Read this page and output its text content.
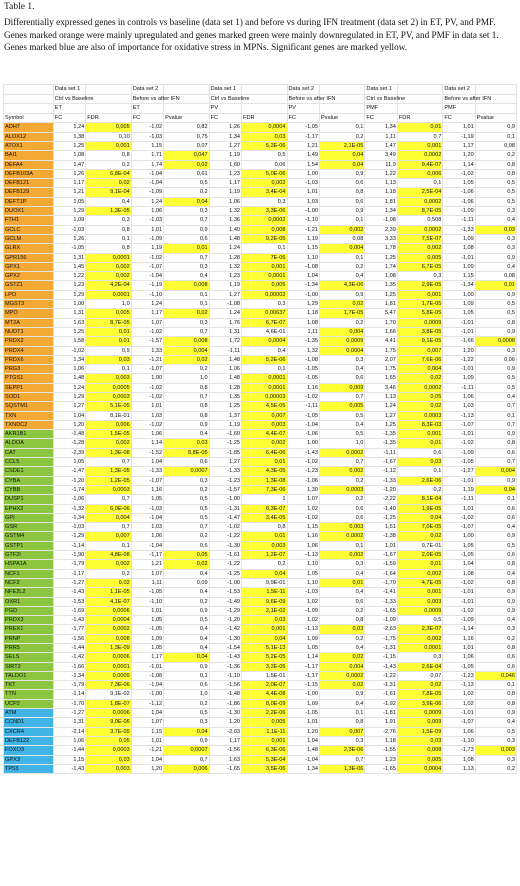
Table 1.
Differentially expressed genes in controls vs baseline (data set 1) and before vs during IFN treatment (data set 2) in ET, PV, and PMF. Genes marked orange were mainly upregulated and genes marked green were mainly downregulated in ET, PV, and PMF in data set 1. Genes marked blue are also of importance for oxidative stress in MPNs. Significant genes are marked yellow.
	Data set 1		Data set 2		Data set 1		Data set 2		Data set 1		Data set 2	
	Ctrl vs Baseline		Before vs after IFN		Ctrl vs Baseline		Before vs after IFN		Ctrl vs Baseline		Before vs after IFN	
	ET		ET		PV		PV		PMF		PMF	
Symbol	FC	FDR	FC	Pvalue	FC	FDR	FC	Pvalue	FC	FDR	FC	Pvalue
ADH7	1,24	0,005	-1,02	0,82	1,26	0,0004	-1,05	0,1	1,34	0,01	1,01	0,9
ALOX12	1,38	0,10	-1,03	0,75	1,34	0,03	-1,17	0,2	1,11	0,7	-1,19	0,1
ATOX1	1,25	0,001	1,15	0,07	1,27	5,2E-06	1,21	2,1E-05	1,47	0,001	1,17	0,08
BAI1	1,08	0,8	1,71	0,047	1,19	0,5	1,49	0,04	3,49	0,0002	1,20	0,2
DEFA4	1,47	0,2	1,74	0,02	1,60	0,06	1,54	0,04	11,9	9,4E-07	1,14	0,8
DEFB103A	1,26	6,8E-04	-1,04	0,61	1,23	5,0E-06	1,00	0,9	1,22	0,006	-1,02	0,8
DEFB121	1,17	0,02	-1,04	0,5	1,17	0,002	-1,03	0,6	1,13	0,1	1,05	0,5
DEFB129	1,21	9,1E-04	-1,09	0,2	1,19	3,4E-04	1,01	0,8	1,18	2,5E-04	-1,06	0,5
DEFT1P	1,05	0,4	1,24	0,04	1,06	0,3	1,03	0,6	1,81	0,0002	-1,06	0,5
DUOX1	1,29	1,3E-05	1,06	0,3	1,32	3,3E-06	-1,00	0,9	1,34	8,7E-05	-1,09	0,3
FTH1	1,09	0,3	-1,03	0,7	1,36	0,0002	-1,10	0,1	-1,08	0,508	-1,11	0,4
GCLC	-1,03	0,8	1,01	0,9	1,40	0,008	-1,21	0,002	2,39	0,0002	-1,33	0,03
GCLM	1,26	0,1	-1,09	0,6	1,48	9,2E-05	1,19	0,08	3,33	7,5E-07	1,09	0,3
GLRX	-1,05	0,8	1,19	0,01	1,24	0,1	1,15	0,004	1,78	0,002	1,08	0,3
GPR156	1,31	0,0001	-1,02	0,7	1,28	7E-06	1,10	0,1	1,25	0,005	-1,01	0,9
GPX1	1,45	0,002	-1,07	0,3	1,32	0,001	-1,08	0,2	1,74	6,7E-05	1,09	0,4
GPX2	1,22	0,002	-1,04	0,4	1,23	0,0001	1,04	0,4	1,08	0,3	1,15	0,08
GSTZ1	1,23	4,2E-04	-1,19	0,008	1,19	0,005	-1,34	4,3E-06	1,35	2,9E-05	-1,34	0,01
LPO	1,29	0,0001	-1,10	0,1	1,27	0,00002	-1,00	0,9	1,25	0,001	1,00	0,9
MGST3	1,00	1,0	1,24	0,1	-1,08	0,3	1,29	0,02	1,81	1,7E-05	1,09	0,5
MPO	1,31	0,005	1,17	0,02	1,24	0,00637	1,18	1,7E-05	5,47	5,8E-05	1,05	0,5
MT2A	1,63	8,7E-05	1,07	0,3	1,76	6,7E-07	1,08	0,2	1,70	0,0009	-1,01	0,8
NUDT1	1,25	0,01	-1,02	0,7	1,31	4,6E-01	1,11	0,004	1,66	3,8E-05	-1,01	0,9
PRDX2	1,58	0,01	-1,57	0,008	1,72	0,0004	-1,35	0,0009	4,41	9,1E-05	-1,66	0,0008
PRDX4	-1,02	0,9	1,33	0,004	-1,11	0,4	1,32	0,0004	1,75	0,007	1,20	0,3
PRDX6	1,34	0,03	-1,21	0,02	1,48	5,2E-06	-1,08	0,3	2,07	7,6E-06	-1,22	0,06
PRG3	1,06	0,1	-1,07	0,2	1,06	0,1	-1,05	0,4	1,75	0,004	-1,01	0,9
PTGS1	1,48	0,003	1,00	1,0	1,48	0,0001	-1,05	0,6	1,65	0,02	1,09	0,5
SEPP1	1,24	0,0005	-1,02	0,8	1,28	0,0001	1,16	0,009	3,46	0,0002	-1,11	0,5
SOD1	1,29	0,0003	-1,02	0,7	1,35	0,00003	-1,02	0,7	1,13	0,05	1,06	0,4
SQSTM1	1,27	5,1E-05	1,01	0,8	1,25	4,5E-05	-1,11	0,005	1,24	0,02	1,03	0,7
TXN	1,04	8,1E-01	1,03	0,8	1,37	0,007	-1,05	0,5	1,27	0,0003	-1,13	0,1
TXNDC2	1,20	0,006	-1,02	0,9	1,19	0,003	-1,04	0,4	1,25	8,3E-03	-1,07	0,7
AKR1B1	-1,48	1,5E-05	1,06	0,4	-1,60	4,4E-07	-1,06	0,5	-1,35	0,001	-1,01	0,9
ALDOA	-1,28	0,002	1,14	0,03	-1,25	0,002	1,00	1,0	-1,35	0,01	-1,02	0,8
CAT	-2,39	1,3E-08	-1,52	8,8E-05	-1,85	6,4E-06	-1,43	0,0002	-1,11	0,6	-1,09	0,6
CCL5	1,05	0,7	1,04	0,6	1,27	0,01	-1,02	0,7	-1,67	0,03	-1,05	0,7
CSDE1	-1,47	1,3E-05	-1,33	0,0007	-1,33	4,3E-05	-1,23	0,002	-1,12	0,1	-1,27	0,004
CYBA	-1,20	1,2E-05	-1,07	0,3	-1,23	1,3E-08	-1,06	0,2	-1,33	2,6E-06	-1,01	0,9
CYBB	-1,74	0,0003	1,16	0,2	-1,57	7,3E-06	1,30	0,0003	-1,20	0,2	1,19	0,04
DUSP1	-1,06	0,7	1,05	0,5	-1,00	1	1,07	0,2	-2,22	8,1E-04	-1,11	0,1
EPHX2	-1,32	6,0E-06	-1,03	0,5	-1,31	8,3E-07	1,02	0,6	-1,40	1,9E-05	1,01	0,6
GPI	-1,34	0,004	-1,04	0,5	-1,47	3,4E-05	-1,02	0,6	-1,25	0,04	-1,02	0,6
GSR	-1,03	0,7	1,03	0,7	-1,02	0,8	1,15	0,003	1,51	7,0E-05	-1,07	0,4
GSTM4	-1,29	0,007	1,06	0,2	-1,22	0,01	1,16	0,0002	-1,38	0,02	1,00	0,9
GSTP1	-1,14	0,1	-1,04	0,6	-1,30	0,003	1,06	0,1	1,01	9,7E-01	1,05	0,5
GTF2I	-1,90	4,8E-08	-1,17	0,05	-1,61	1,2E-07	-1,13	0,002	-1,67	2,0E-05	-1,05	0,6
HSPA1A	-1,79	0,002	1,21	0,02	-1,22	0,2	1,10	0,3	-1,59	0,01	1,04	0,8
NCF1	-1,17	0,2	1,07	0,4	-1,25	0,04	1,05	0,4	-1,64	0,002	1,08	0,4
NCF2	-1,27	0,02	1,11	0,09	-1,00	9,9E-01	1,10	0,01	-1,70	4,7E-05	-1,02	0,8
NFE2L2	-1,43	1,1E-05	-1,05	0,4	-1,53	1,5E-11	-1,03	0,4	-1,41	0,001	-1,01	0,9
OXR1	-1,53	4,1E-07	-1,10	0,2	-1,49	9,6E-09	1,02	0,6	-1,33	0,003	-1,01	0,9
PGD	-1,69	0,0006	1,01	0,9	-1,29	2,1E-02	-1,09	0,2	-1,65	0,0009	-1,02	0,9
PRDX3	-1,43	0,0004	1,05	0,5	-1,20	0,03	1,02	0,8	-1,09	0,5	-1,09	0,4
PREX1	-1,77	0,0002	-1,05	0,4	-1,42	0,001	-1,13	0,03	-2,63	2,3E-07	-1,14	0,3
PRNP	-1,56	0,008	1,09	0,4	-1,30	0,04	1,09	0,2	-1,75	0,002	1,16	0,2
PRR5	-1,44	1,3E-09	1,05	0,4	-1,54	5,1E-13	1,05	0,4	-1,31	0,0001	1,01	0,8
SELS	-1,42	0,0006	1,17	0,04	-1,43	5,2E-05	1,14	0,02	-1,15	0,3	1,06	0,6
SIRT2	-1,66	0,0001	-1,01	0,9	-1,36	3,2E-05	-1,17	0,004	-1,43	2,6E-04	-1,05	0,6
TALDO1	-1,34	0,0009	-1,08	0,1	-1,10	1,5E-01	-1,17	0,0002	-1,22	0,07	-1,23	0,046
TKT	-1,79	7,3E-06	-1,04	0,6	-1,56	2,0E-07	-1,15	0,02	-1,31	0,02	-1,13	0,1
TTN	-1,14	9,1E-02	-1,00	1,0	-1,48	4,4E-08	-1,00	0,9	-1,61	7,8E-05	1,02	0,8
UCP2	-1,70	1,8E-07	-1,12	0,2	-1,86	8,0E-09	1,09	0,4	-1,92	3,9E-06	1,02	0,8
ATM	-1,27	0,0006	1,04	0,5	-1,30	2,2E-06	-1,05	0,1	-1,81	0,0009	-1,01	0,9
CCND1	1,31	9,0E-06	1,07	0,3	1,20	0,005	1,01	0,8	1,91	0,009	-1,07	0,4
CXCR4	-2,14	3,7E-09	1,15	0,04	-2,03	1,1E-11	1,20	0,007	-2,76	1,5E-09	1,06	0,5
DEFB122	1,06	0,05	1,01	0,9	1,17	0,001	1,04	0,3	1,18	0,03	-1,10	0,3
FOXO3	-1,44	0,0003	-1,21	0,0007	-1,56	6,3E-06	1,48	2,3E-06	-1,55	0,008	-1,73	0,003
GPX3	1,15	0,03	1,04	0,7	1,63	5,3E-04	-1,04	0,7	1,23	0,005	1,08	0,3
TP53	-1,43	0,003	1,20	0,006	-1,65	3,5E-06	1,34	1,3E-06	-1,65	0,0004	1,13	0,2
